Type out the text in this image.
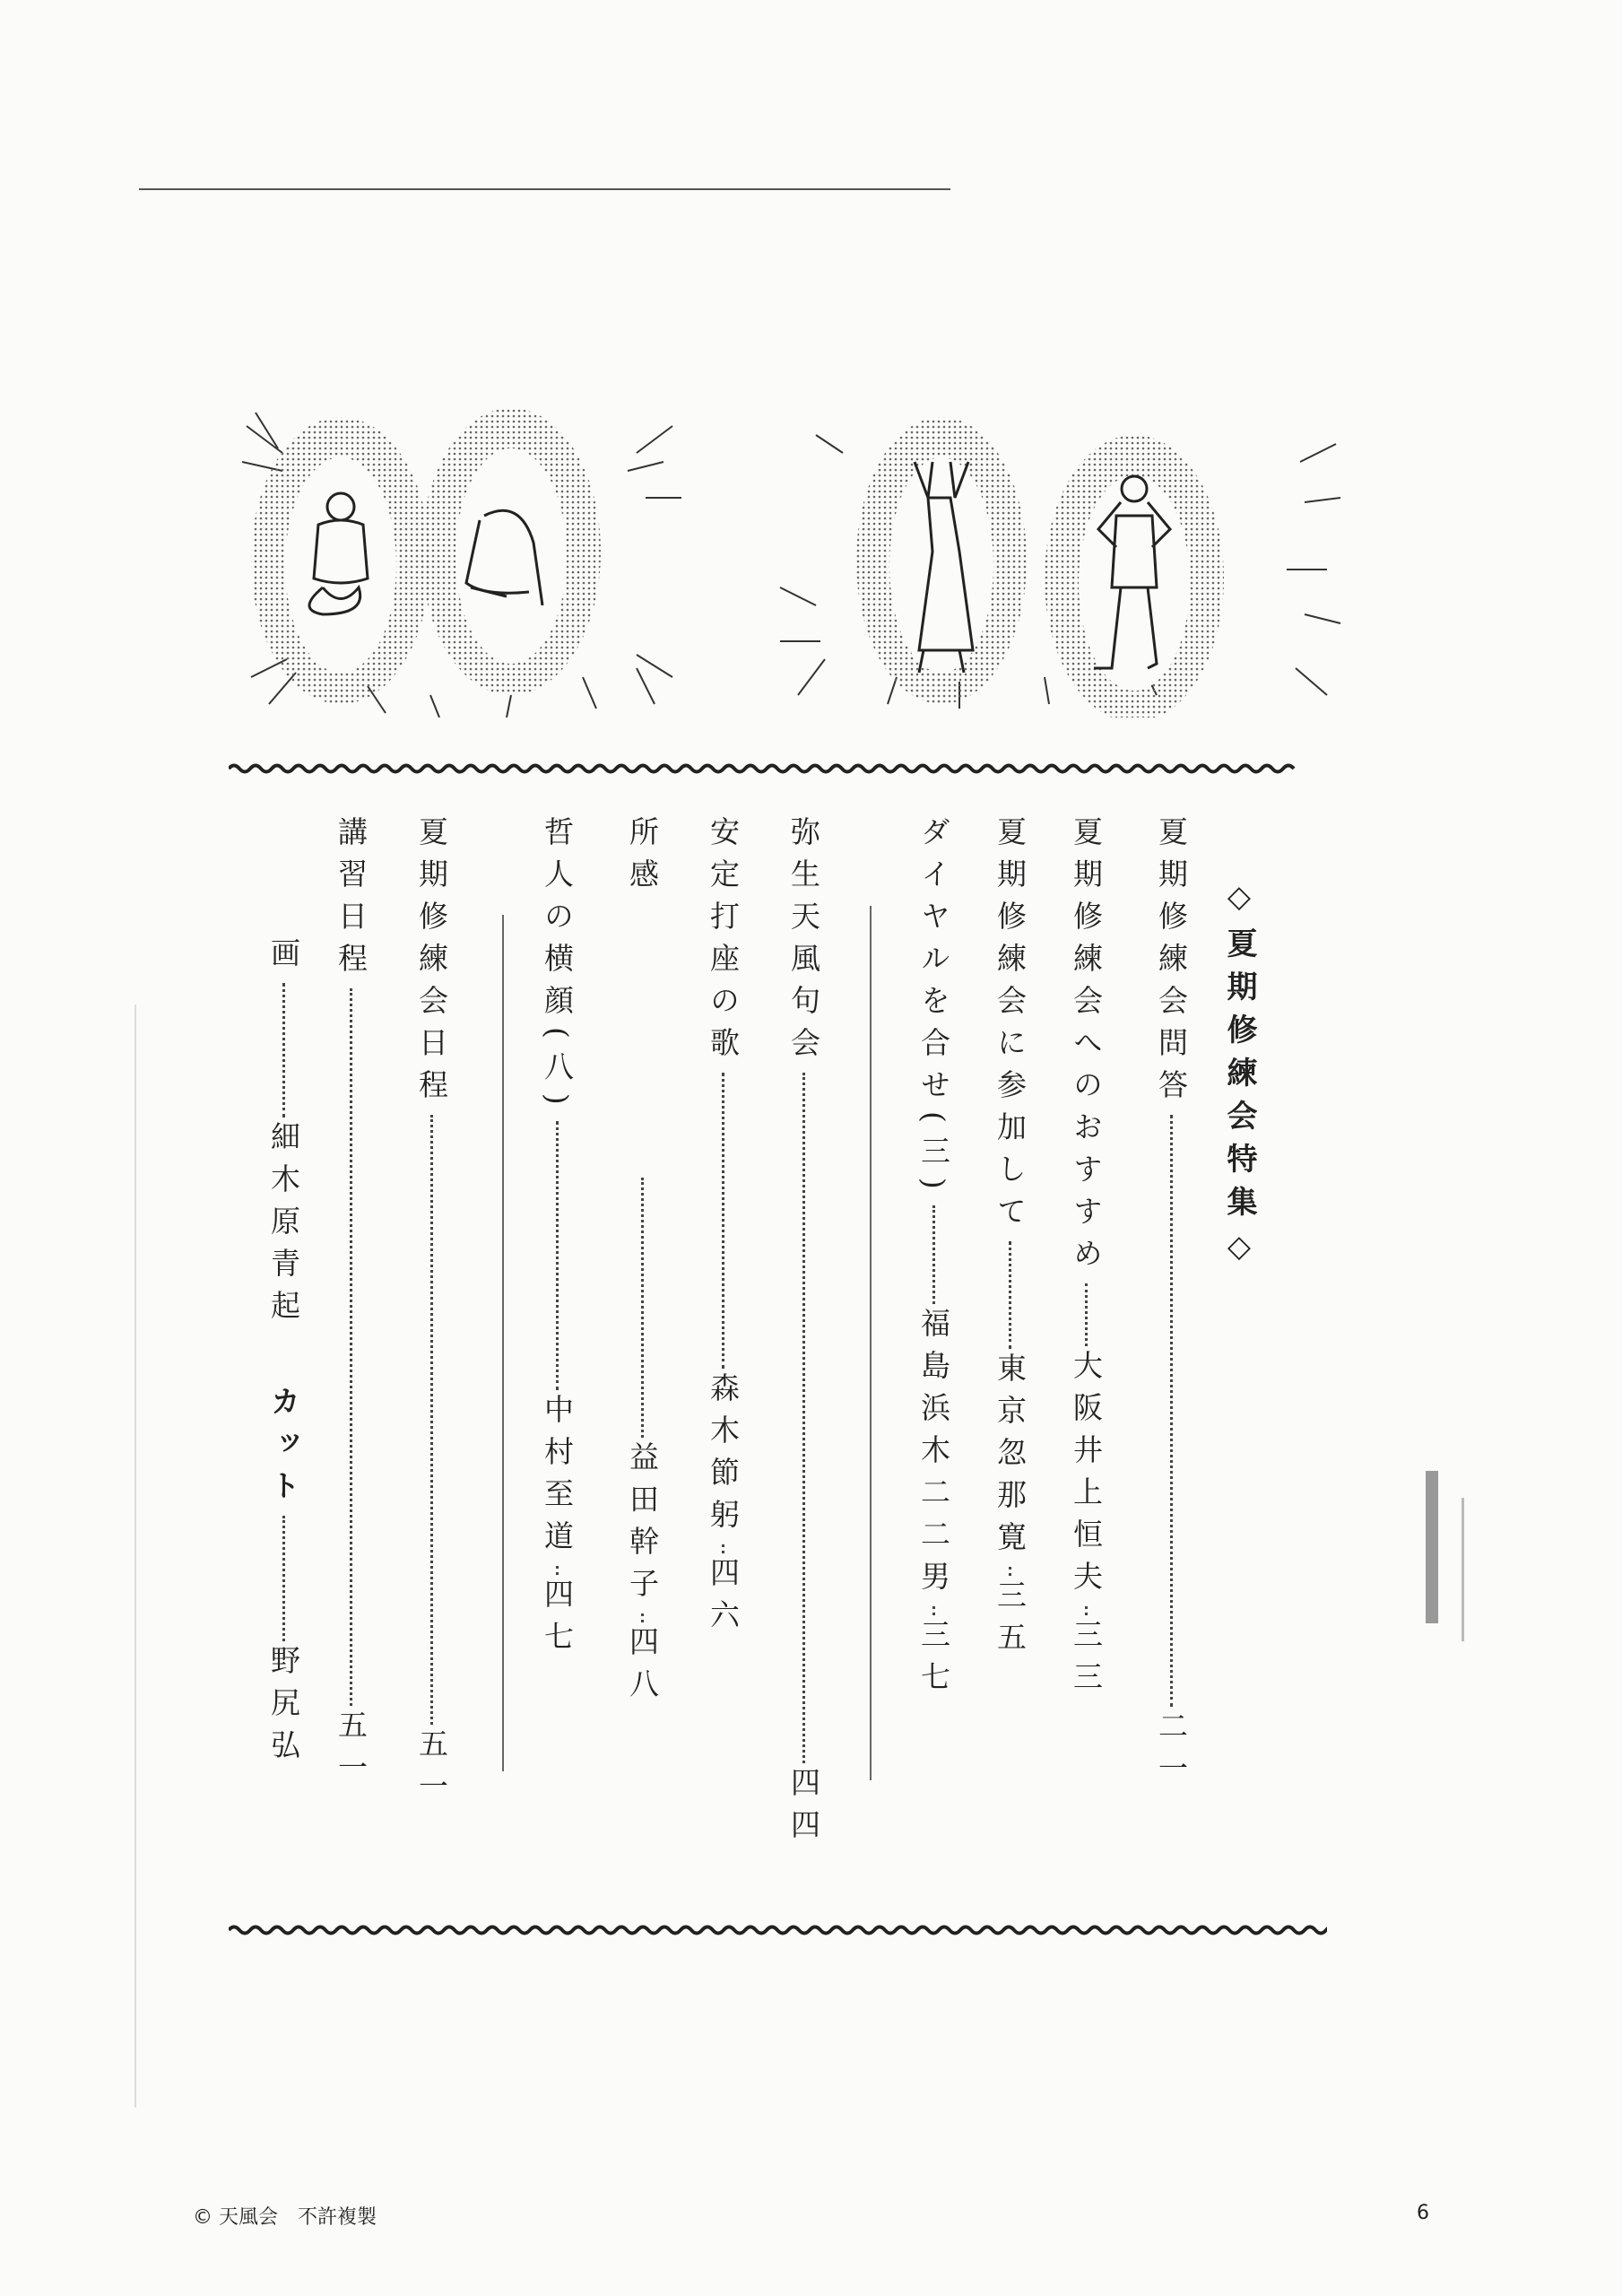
◇夏期修練会特集◇
夏期修練会問答二一
夏期修練会へのおすすめ大阪井上恒夫三三
夏期修練会に参加して東京忽那寛三五
ダイヤルを合せ(三)福島浜木二二男三七
弥生天風句会四四
安定打座の歌森木節躬四六
所感益田幹子四八
哲人の横顔(八)中村至道四七
夏期修練会日程五一
講習日程五一
画細木原青起カット野尻弘
© 天風会　不許複製	6
